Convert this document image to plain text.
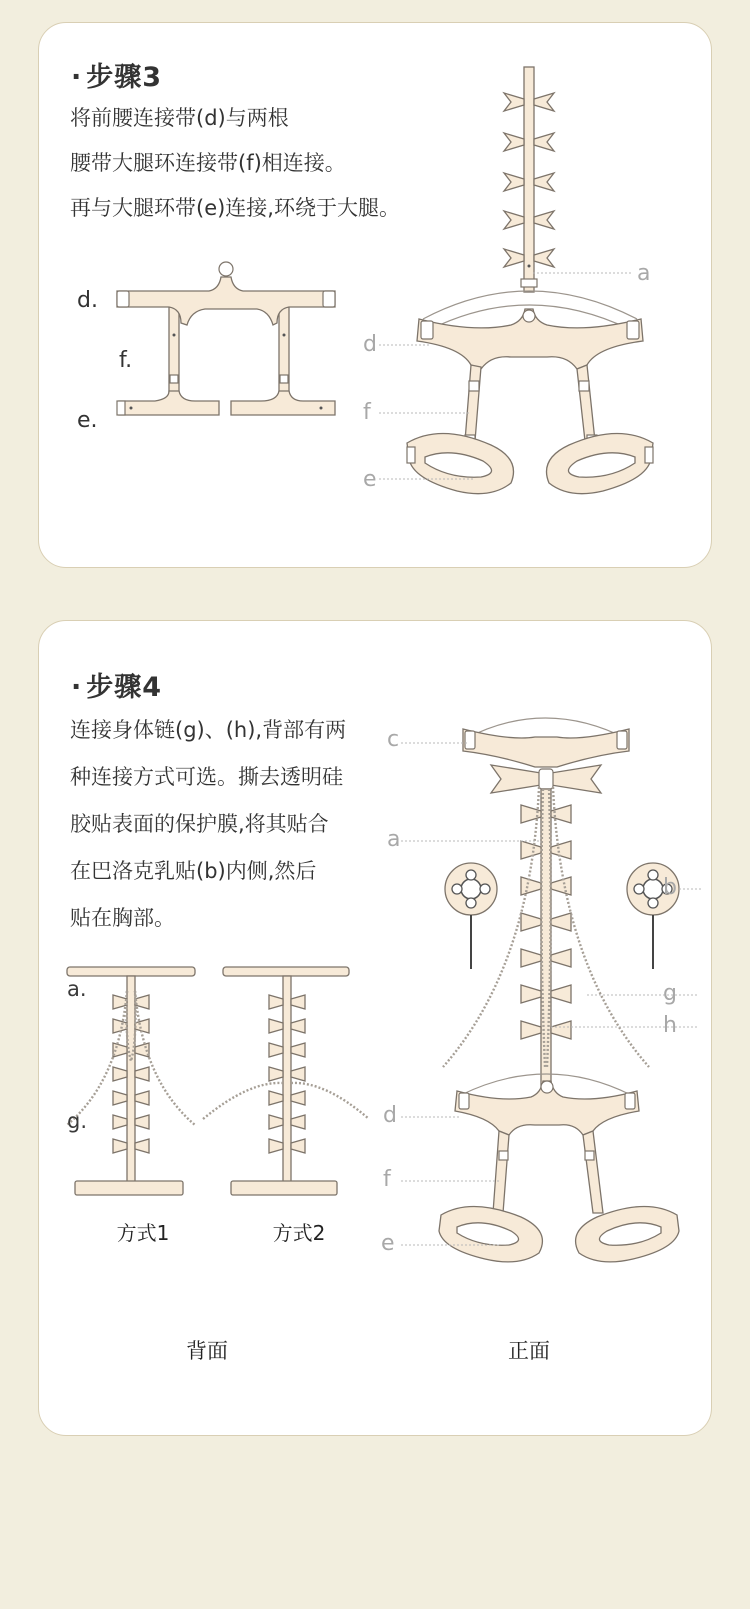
· 步骤3
将前腰连接带(d)与两根
腰带大腿环连接带(f)相连接。
再与大腿环带(e)连接,环绕于大腿。
d.
f.
e.
a
d
f
e
· 步骤4
连接身体链(g)、(h),背部有两
种连接方式可选。撕去透明硅
胶贴表面的保护膜,将其贴合
在巴洛克乳贴(b)内侧,然后
贴在胸部。
a.
g.
方式1	方式2
c
a
b
g
h
d
f
e
背面	正面
